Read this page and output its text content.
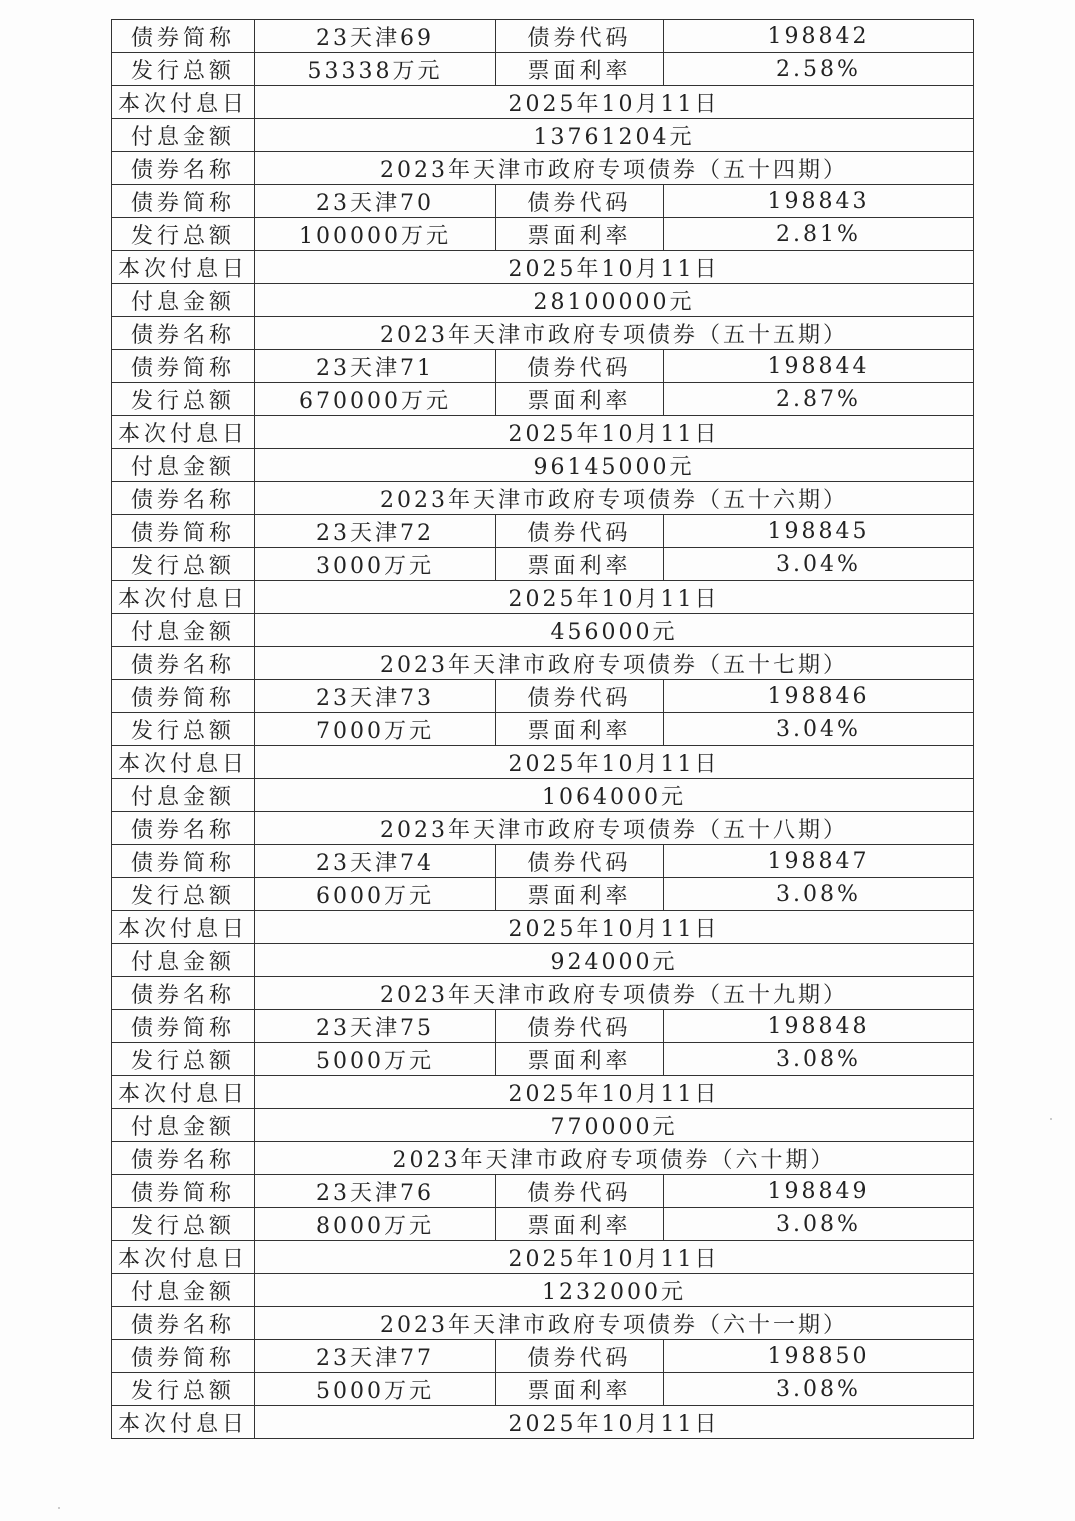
债券简称	23天津69	债券代码	198842
发行总额	53338万元	票面利率	2.58%
本次付息日	2025年10月11日		
付息金额	13761204元		
债券名称	2023年天津市政府专项债券（五十四期）		
债券简称	23天津70	债券代码	198843
发行总额	100000万元	票面利率	2.81%
本次付息日	2025年10月11日		
付息金额	28100000元		
债券名称	2023年天津市政府专项债券（五十五期）		
债券简称	23天津71	债券代码	198844
发行总额	670000万元	票面利率	2.87%
本次付息日	2025年10月11日		
付息金额	96145000元		
债券名称	2023年天津市政府专项债券（五十六期）		
债券简称	23天津72	债券代码	198845
发行总额	3000万元	票面利率	3.04%
本次付息日	2025年10月11日		
付息金额	456000元		
债券名称	2023年天津市政府专项债券（五十七期）		
债券简称	23天津73	债券代码	198846
发行总额	7000万元	票面利率	3.04%
本次付息日	2025年10月11日		
付息金额	1064000元		
债券名称	2023年天津市政府专项债券（五十八期）		
债券简称	23天津74	债券代码	198847
发行总额	6000万元	票面利率	3.08%
本次付息日	2025年10月11日		
付息金额	924000元		
债券名称	2023年天津市政府专项债券（五十九期）		
债券简称	23天津75	债券代码	198848
发行总额	5000万元	票面利率	3.08%
本次付息日	2025年10月11日		
付息金额	770000元		
债券名称	2023年天津市政府专项债券（六十期）		
债券简称	23天津76	债券代码	198849
发行总额	8000万元	票面利率	3.08%
本次付息日	2025年10月11日		
付息金额	1232000元		
债券名称	2023年天津市政府专项债券（六十一期）		
债券简称	23天津77	债券代码	198850
发行总额	5000万元	票面利率	3.08%
本次付息日	2025年10月11日		
